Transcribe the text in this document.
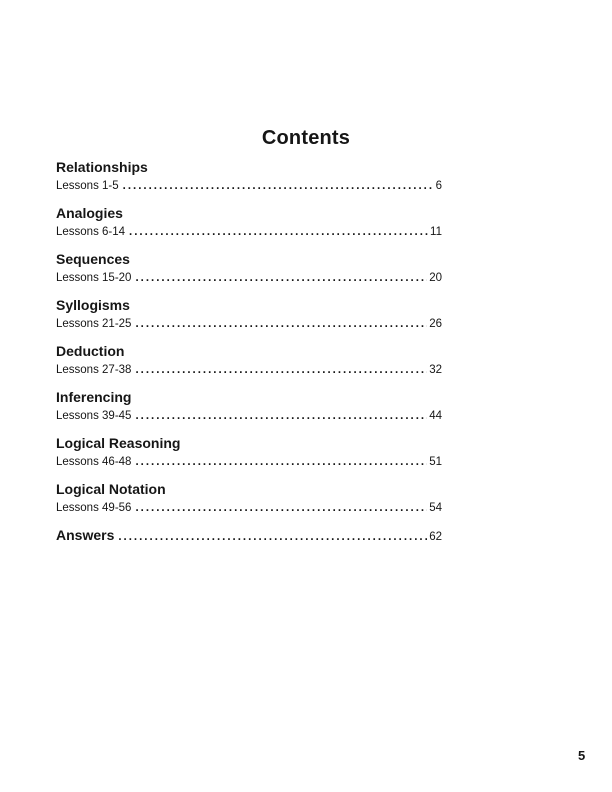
Contents
Relationships
Lessons 1-5 . . .	6
Analogies
Lessons 6-14 . . .	11
Sequences
Lessons 15-20 . . .	20
Syllogisms
Lessons 21-25 . . .	26
Deduction
Lessons 27-38 . . .	32
Inferencing
Lessons 39-45 . . .	44
Logical Reasoning
Lessons 46-48 . . .	51
Logical Notation
Lessons 49-56 . . .	54
Answers . . .	62
5
